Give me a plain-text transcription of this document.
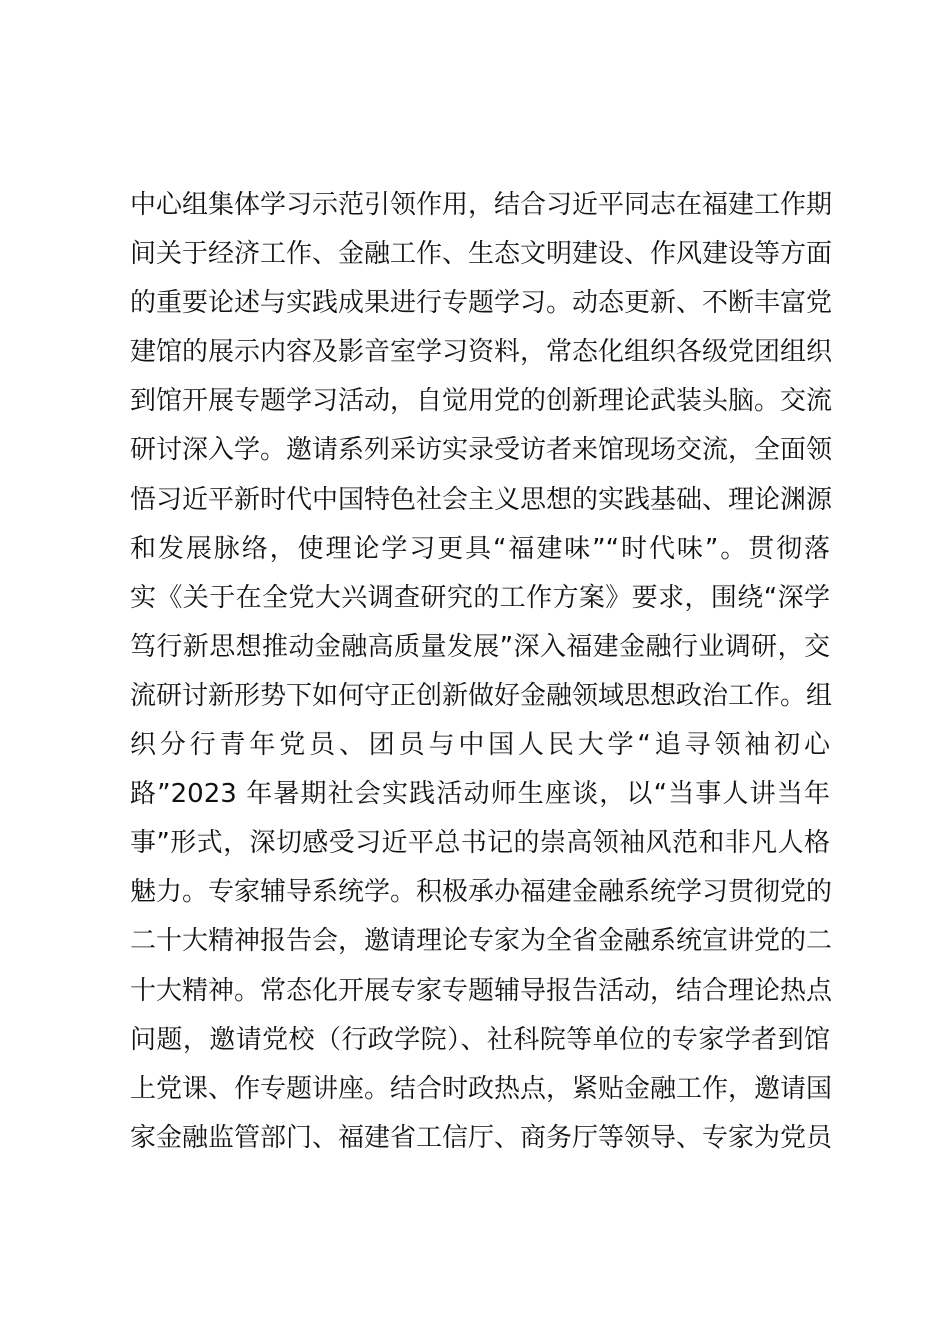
中心组集体学习示范引领作用，结合习近平同志在福建工作期
间关于经济工作、金融工作、生态文明建设、作风建设等方面
的重要论述与实践成果进行专题学习。动态更新、不断丰富党
建馆的展示内容及影音室学习资料，常态化组织各级党团组织
到馆开展专题学习活动，自觉用党的创新理论武装头脑。交流
研讨深入学。邀请系列采访实录受访者来馆现场交流，全面领
悟习近平新时代中国特色社会主义思想的实践基础、理论渊源
和发展脉络，使理论学习更具“福建味”“时代味”。贯彻落
实《关于在全党大兴调查研究的工作方案》要求，围绕“深学
笃行新思想推动金融高质量发展”深入福建金融行业调研，交
流研讨新形势下如何守正创新做好金融领域思想政治工作。组
织分行青年党员、团员与中国人民大学“追寻领袖初心
路”2023 年暑期社会实践活动师生座谈，以“当事人讲当年
事”形式，深切感受习近平总书记的崇高领袖风范和非凡人格
魅力。专家辅导系统学。积极承办福建金融系统学习贯彻党的
二十大精神报告会，邀请理论专家为全省金融系统宣讲党的二
十大精神。常态化开展专家专题辅导报告活动，结合理论热点
问题，邀请党校（行政学院）、社科院等单位的专家学者到馆
上党课、作专题讲座。结合时政热点，紧贴金融工作，邀请国
家金融监管部门、福建省工信厅、商务厅等领导、专家为党员
